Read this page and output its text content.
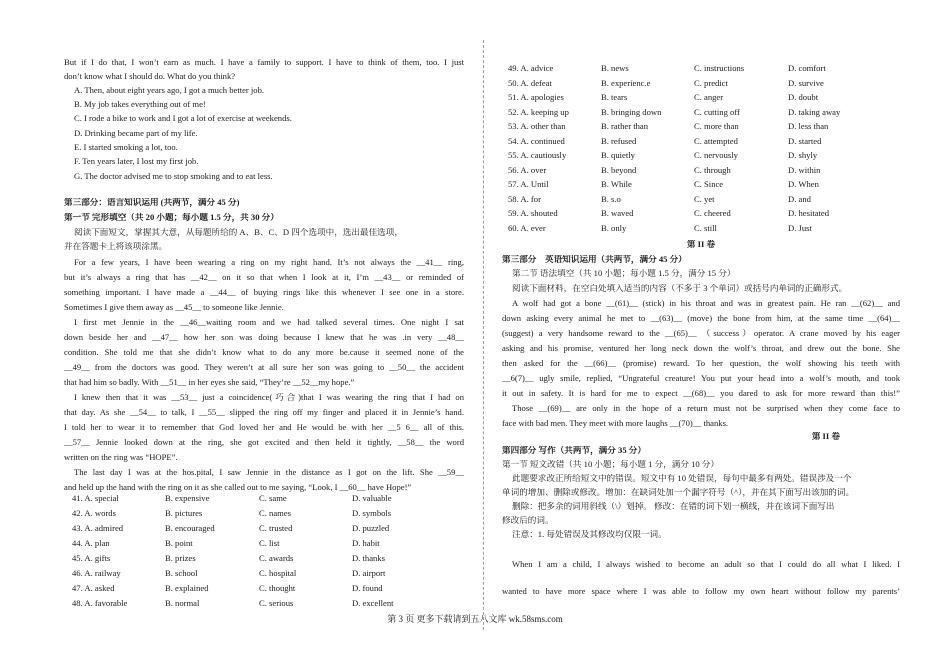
But if I do that, I won’t earn as much. I have a family to support. I have to think of them, too. I just
don’t know what I should do. What do you think?
A. Then, about eight years ago, I got a much better job.
B. My job takes everything out of me!
C. I rode a bike to work and I got a lot of exercise at weekends.
D. Drinking became part of my life.
E. I started smoking a lot, too.
F. Ten years later, I lost my first job.
G. The doctor advised me to stop smoking and to eat less.
第三部分：语言知识运用 (共两节，满分 45 分)
第一节 完形填空（共 20 小题；每小题 1.5 分，共 30 分）
阅读下面短文，掌握其大意，从每题所给的 A、B、C、D 四个选项中，选出最佳选项，
并在答题卡上将该项涂黑。
For a few years, I have been wearing a ring on my right hand. It’s not always the __41__ ring,
but it’s always a ring that has __42__ on it so that when I look at it, I’m __43__ or reminded of
something important. I have made a __44__ of buying rings like this whenever I see one in a store.
Sometimes I give them away as __45__ to someone like Jennie.
I first met Jennie in the __46__waiting room and we had talked several times. One night I sat
down beside her and __47__ how her son was doing because I knew that he was .in very __48__
condition. She told me that she didn’t know what to do any more be.cause it seemed none of the
__49__ from the doctors was good. They weren’t at all sure her son was going to __50__ the accident
that had him so badly. With __51__ in her eyes she said, “They’re __52__my hope.”
I knew then that it was __53__ just a coincidence(巧合)that I was wearing the ring that I had on
that day. As she __54__ to talk, I __55__ slipped the ring off my finger and placed it in Jennie’s hand.
I told her to wear it to remember that God loved her and He would be with her __5 6__ all of this.
__57__ Jennie looked down at the ring, she got excited and then held it tightly, __58__ the word
written on the ring was “HOPE”.
The last day I was at the hos.pital, I saw Jennie in the distance as I got on the lift. She __59__
and held up the hand with the ring on it as she called out to me saying, “Look, I __60__ have Hope!”
41. A. special	B. expensive	C. same	D. valuable
42. A. words	B. pictures	C. names	D. symbols
43. A. admired	B. encouraged	C. trusted	D. puzzled
44. A. plan	B. point	C. list	D. habit
45. A. gifts	B. prizes	C. awards	D. thanks
46. A. railway	B. school	C. hospital	D. airport
47. A. asked	B. explained	C. thought	D. found
48. A. favorable	B. normal	C. serious	D. excellent
49. A. advice	B. news	C. instructions	D. comfort
50. A. defeat	B. experienc.e	C. predict	D. survive
51. A. apologies	B. tears	C. anger	D. doubt
52. A. keeping up	B. bringing down	C. cutting off	D. taking away
53. A. other than	B. rather than	C. more than	D. less than
54. A. continued	B. refused	C. attempted	D. started
55. A. cautiously	B. quietly	C. nervously	D. shyly
56. A. over	B. beyond	C. through	D. within
57. A. Until	B. While	C. Since	D. When
58. A. for	B. s.o	C. yet	D. and
59. A. shouted	B. waved	C. cheered	D. hesitated
60. A. ever	B. only	C. still	D. Just
第 II 卷
第三部分　英语知识运用（共两节，满分 45 分）
第二节 语法填空（共 10 小题；每小题 1.5 分，满分 15 分）
阅读下面材料，在空白处填入适当的内容（不多于 3 个单词）或括号内单词的正确形式。
A wolf had got a bone __(61)__ (stick) in his throat and was in greatest pain. He ran __(62)__ and
down asking every animal he met to __(63)__ (move) the bone from him, at the same time __(64)__
(suggest) a very handsome reward to the __(65)__ （success）operator. A crane moved by his eager
asking and his promise, ventured her long neck down the wolf’s throat, and drew out the bone. She
then asked for the __(66)__ (promise) reward. To her question, the wolf showing his teeth with
__6(7)__ ugly smile, replied, “Ungrateful creature! You put your head into a wolf’s mouth, and took
it out in safety. It is hard for me to expect __(68)__ you dared to ask for more reward than this!”
Those __(69)__ are only in the hope of a return must not be surprised when they come face to
face with bad men. They meet with more laughs __(70)__ thanks.
第 II 卷
第四部分 写作（共两节，满分 35 分）
第一节 短文改错（共 10 小题；每小题 1 分，满分 10 分）
此题要求改正所给短文中的错误。短文中有 10 处错误，每句中最多有两处。错误涉及一个
单词的增加、删除或修改。增加：在缺词处加一个漏字符号（^），并在其下面写出该加的词。
删除：把多余的词用斜线（\）划掉。 修改：在错的词下划一横线，并在该词下面写出
修改后的词。
注意：1. 每处错误及其修改均仅限一词。
When I am a child, I always wished to become an adult so that I could do all what I liked. I
wanted to have more space where I was able to follow my own heart without follow my parents’
第 3 页 更多下载请到五八文库 wk.58sms.com
